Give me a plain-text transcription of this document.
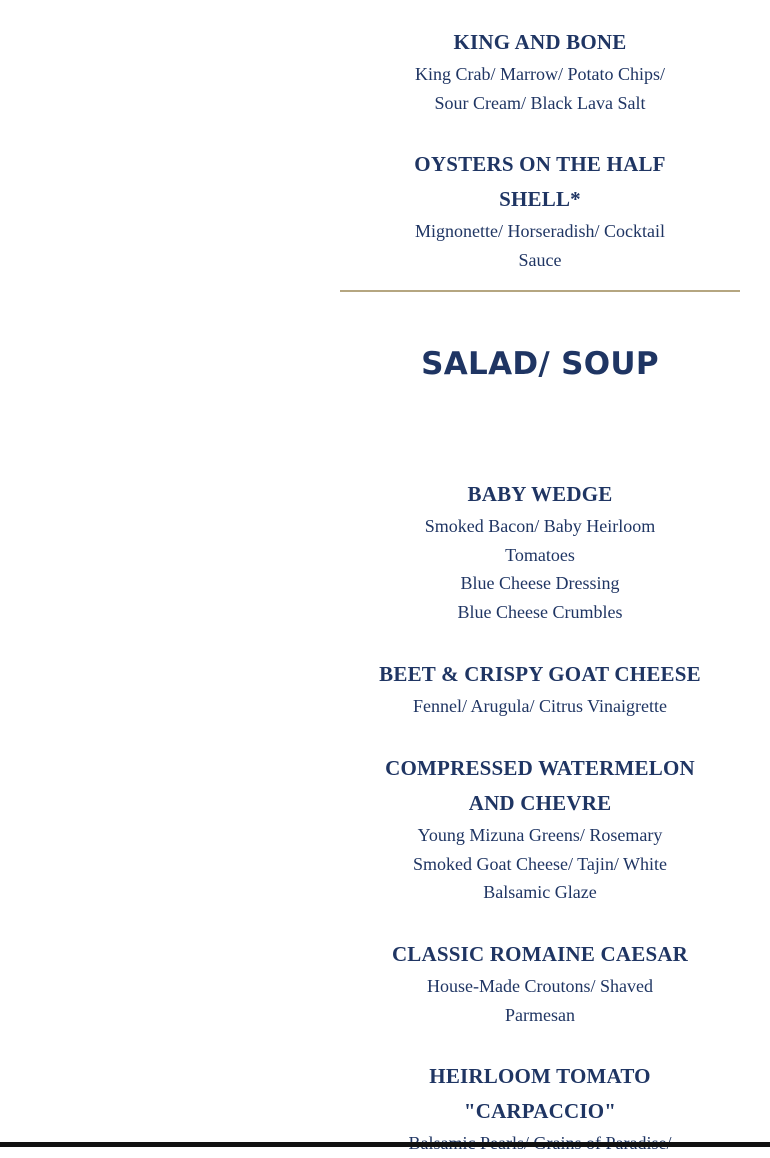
KING AND BONE
King Crab/ Marrow/ Potato Chips/
Sour Cream/ Black Lava Salt
OYSTERS ON THE HALF SHELL*
Mignonette/ Horseradish/ Cocktail
Sauce
BABY WEDGE
Smoked Bacon/ Baby Heirloom
Tomatoes
Blue Cheese Dressing
Blue Cheese Crumbles
BEET & CRISPY GOAT CHEESE
Fennel/ Arugula/ Citrus Vinaigrette
COMPRESSED WATERMELON
AND CHEVRE
Young Mizuna Greens/ Rosemary
Smoked Goat Cheese/ Tajin/ White
Balsamic Glaze
CLASSIC ROMAINE CAESAR
House-Made Croutons/ Shaved
Parmesan
HEIRLOOM TOMATO
"CARPACCIO"
SALAD/ SOUP
